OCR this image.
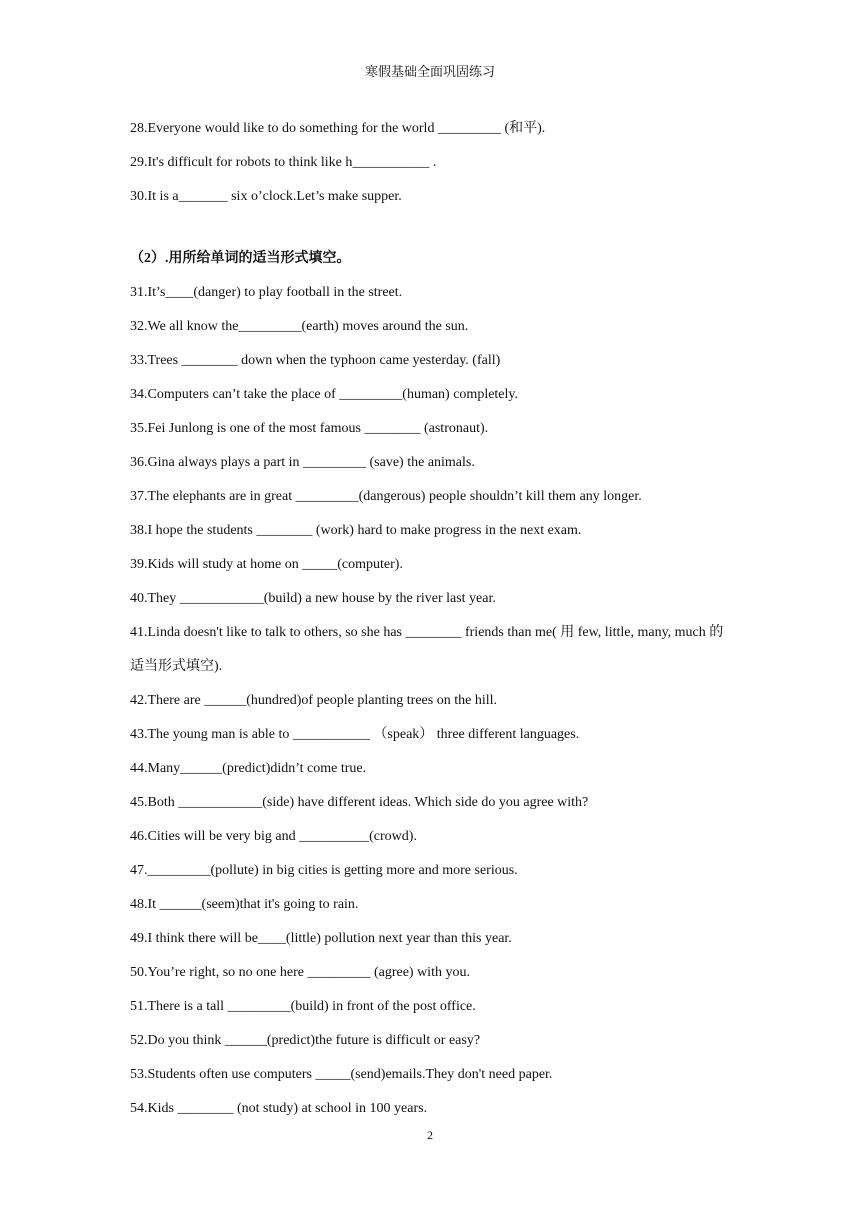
寒假基础全面巩固练习
28.Everyone would like to do something for the world _________ (和平).
29.It's difficult for robots to think like h___________ .
30.It is a_______ six o’clock.Let’s make supper.
（2）.用所给单词的适当形式填空。
31.It’s____(danger) to play football in the street.
32.We all know the_________(earth) moves around the sun.
33.Trees ________ down when the typhoon came yesterday. (fall)
34.Computers can’t take the place of _________(human) completely.
35.Fei Junlong is one of the most famous ________ (astronaut).
36.Gina always plays a part in _________ (save) the animals.
37.The elephants are in great _________(dangerous) people shouldn’t kill them any longer.
38.I hope the students ________ (work) hard to make progress in the next exam.
39.Kids will study at home on _____(computer).
40.They ____________(build) a new house by the river last year.
41.Linda doesn't like to talk to others, so she has ________ friends than me( 用 few, little, many, much 的适当形式填空).
42.There are ______(hundred)of people planting trees on the hill.
43.The young man is able to ___________ （speak） three different languages.
44.Many______(predict)didn’t come true.
45.Both ____________(side) have different ideas. Which side do you agree with?
46.Cities will be very big and __________(crowd).
47._________(pollute) in big cities is getting more and more serious.
48.It ______(seem)that it's going to rain.
49.I think there will be____(little) pollution next year than this year.
50.You’re right, so no one here _________ (agree) with you.
51.There is a tall _________(build) in front of the post office.
52.Do you think ______(predict)the future is difficult or easy?
53.Students often use computers _____(send)emails.They don't need paper.
54.Kids ________ (not study) at school in 100 years.
2
